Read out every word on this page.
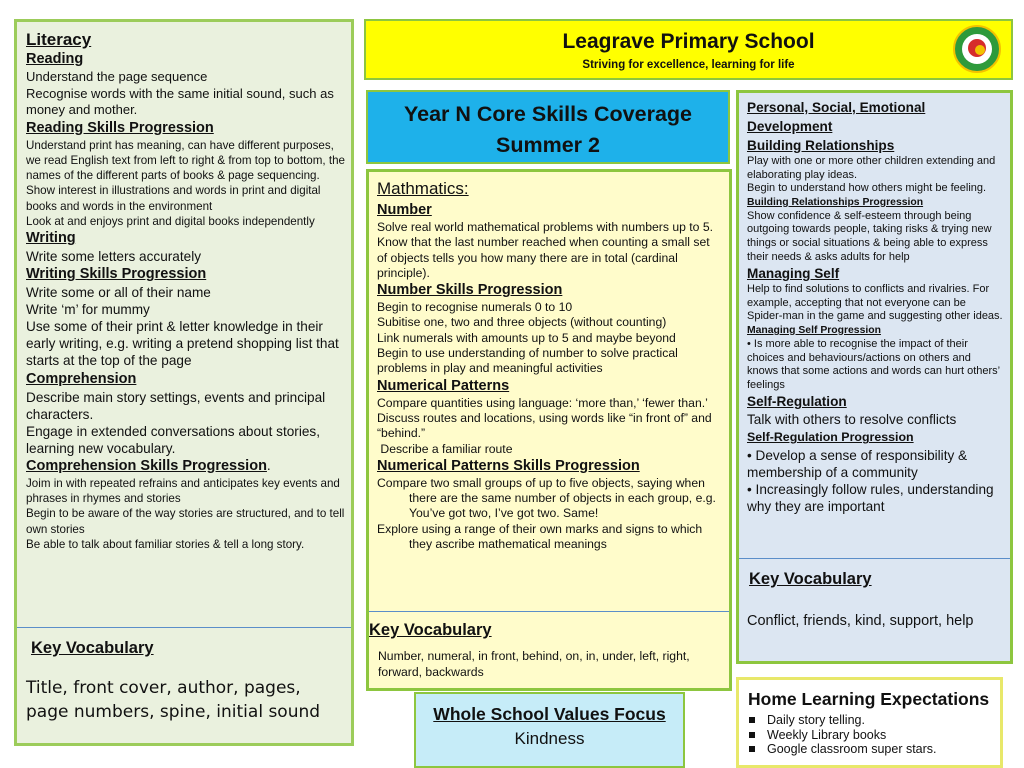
Literacy
Reading
Understand the page sequence
Recognise words with the same initial sound, such as money and mother.
Reading Skills Progression
Understand print has meaning, can have different purposes, we read English text from left to right & from top to bottom, the names of the different parts of books & page sequencing.
Show interest in illustrations and words in print and digital books and words in the environment
Look at and enjoys print and digital books independently
Writing
Write some letters accurately
Writing Skills Progression
Write some or all of their name
Write ‘m’ for mummy
Use some of their print & letter knowledge in their early writing, e.g. writing a pretend shopping list that starts at the top of the page
Comprehension
Describe main story settings, events and principal characters.
Engage in extended conversations about stories, learning new vocabulary.
Comprehension Skills Progression.
Joim in with repeated refrains and anticipates key events and phrases in rhymes and stories
Begin to be aware of the way stories are structured, and to tell own stories
Be able to talk about familiar stories & tell a long story.
Key Vocabulary
Title, front cover, author, pages, page numbers, spine, initial sound
Leagrave Primary School
Striving for excellence, learning for life
Year N Core Skills Coverage
Summer 2
Mathmatics:
Number
Solve real world mathematical problems with numbers up to 5.
Know that the last number reached when counting a small set of objects tells you how many there are in total (cardinal principle).
Number Skills Progression
Begin to recognise numerals 0 to 10
Subitise one, two and three objects (without counting)
Link numerals with amounts up to 5 and maybe beyond
Begin to use understanding of number to solve practical problems in play and meaningful activities
Numerical Patterns
Compare quantities using language: ‘more than,’ ‘fewer than.’
Discuss routes and locations, using words like “in front of” and “behind.”
Describe a familiar route
Numerical Patterns Skills Progression
Compare two small groups of up to five objects, saying when there are the same number of objects in each group, e.g. You’ve got two, I’ve got two. Same!
Explore using a range of their own marks and signs to which they ascribe mathematical meanings
Key Vocabulary
Number, numeral, in front, behind, on, in, under, left, right, forward, backwards
Personal, Social, Emotional Development
Building Relationships
Play with one or more other children extending and elaborating play ideas.
Begin to understand how others might be feeling.
Building Relationships Progression
Show confidence & self-esteem through being outgoing towards people, taking risks & trying new things or social situations & being able to express their needs & asks adults for help
Managing Self
Help to find solutions to conflicts and rivalries. For example, accepting that not everyone can be Spider-man in the game and suggesting other ideas.
Managing Self Progression
• Is more able to recognise the impact of their choices and behaviours/actions on others and knows that some actions and words can hurt others’ feelings
Self-Regulation
Talk with others to resolve conflicts
Self-Regulation Progression
• Develop a sense of responsibility & membership of a community
• Increasingly follow rules, understanding why they are important
Key Vocabulary
Conflict, friends, kind, support, help
Whole School Values Focus
Kindness
Home Learning Expectations
Daily story telling.
Weekly Library books
Google classroom super stars.
